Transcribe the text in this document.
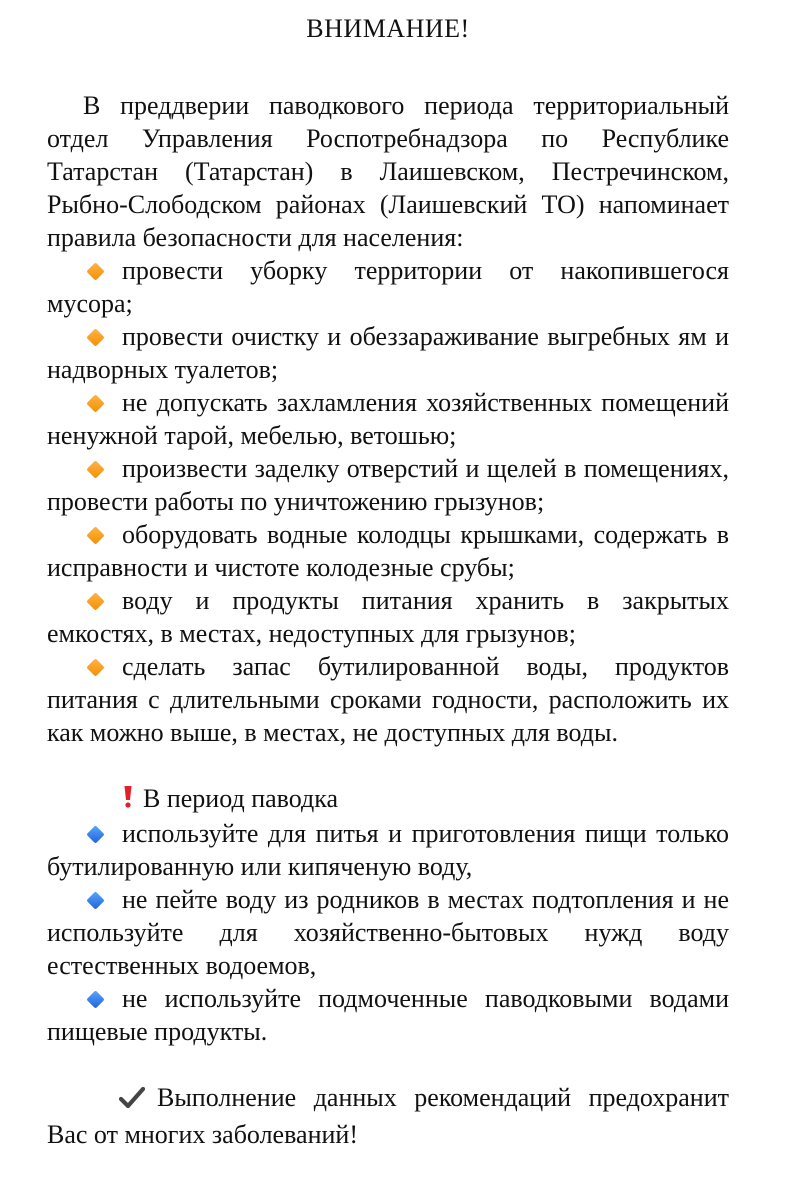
ВНИМАНИЕ!

В преддверии паводкового периода территориальный отдел Управления Роспотребнадзора по Республике Татарстан (Татарстан) в Лаишевском, Пестречинском, Рыбно-Слободском районах (Лаишевский ТО) напоминает правила безопасности для населения:

провести уборку территории от накопившегося мусора;

провести очистку и обеззараживание выгребных ям и надворных туалетов;

не допускать захламления хозяйственных помещений ненужной тарой, мебелью, ветошью;

произвести заделку отверстий и щелей в помещениях, провести работы по уничтожению грызунов;

оборудовать водные колодцы крышками, содержать в исправности и чистоте колодезные срубы;

воду и продукты питания хранить в закрытых емкостях, в местах, недоступных для грызунов;

сделать запас бутилированной воды, продуктов питания с длительными сроками годности, расположить их как можно выше, в местах, не доступных для воды.

В период паводка

используйте для питья и приготовления пищи только бутилированную или кипяченую воду,

не пейте воду из родников в местах подтопления и не используйте для хозяйственно-бытовых нужд воду естественных водоемов,

не используйте подмоченные паводковыми водами пищевые продукты.

Выполнение данных рекомендаций предохранит Вас от многих заболеваний!
